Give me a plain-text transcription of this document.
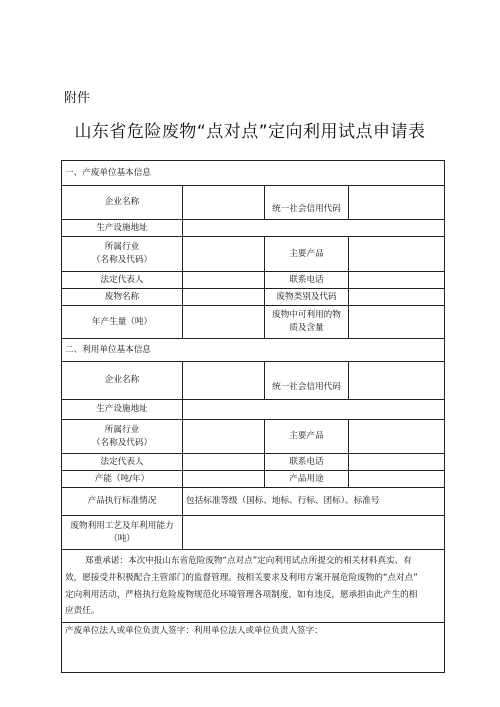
附件
山东省危险废物“点对点”定向利用试点申请表
一、产废单位基本信息			
企业名称		统一社会信用代码	
生产设施地址			

所属行业
（名称及代码）		主要产品	
法定代表人		联系电话	
废物名称		废物类别及代码	
年产生量（吨）		废物中可利用的物
质及含量	

二、利用单位基本信息			
企业名称		统一社会信用代码	
生产设施地址			

所属行业
（名称及代码）		主要产品	
法定代表人		联系电话	
产能（吨/年）		产品用途	
产品执行标准情况	包括标准等级（国标、地标、行标、团标）、标准号		

废物利用工艺及年利用能力
（吨）			

郑重承诺：本次申报山东省危险废物“点对点”定向利用试点所提交的相关材料真实、有
效，愿接受并积极配合主管部门的监督管理。按相关要求及利用方案开展危险废物的“点对点”
定向利用活动，严格执行危险废物规范化环境管理各项制度，如有违反，愿承担由此产生的相
应责任。			

产废单位法人或单位负责人签字：利用单位法人或单位负责人签字：			
